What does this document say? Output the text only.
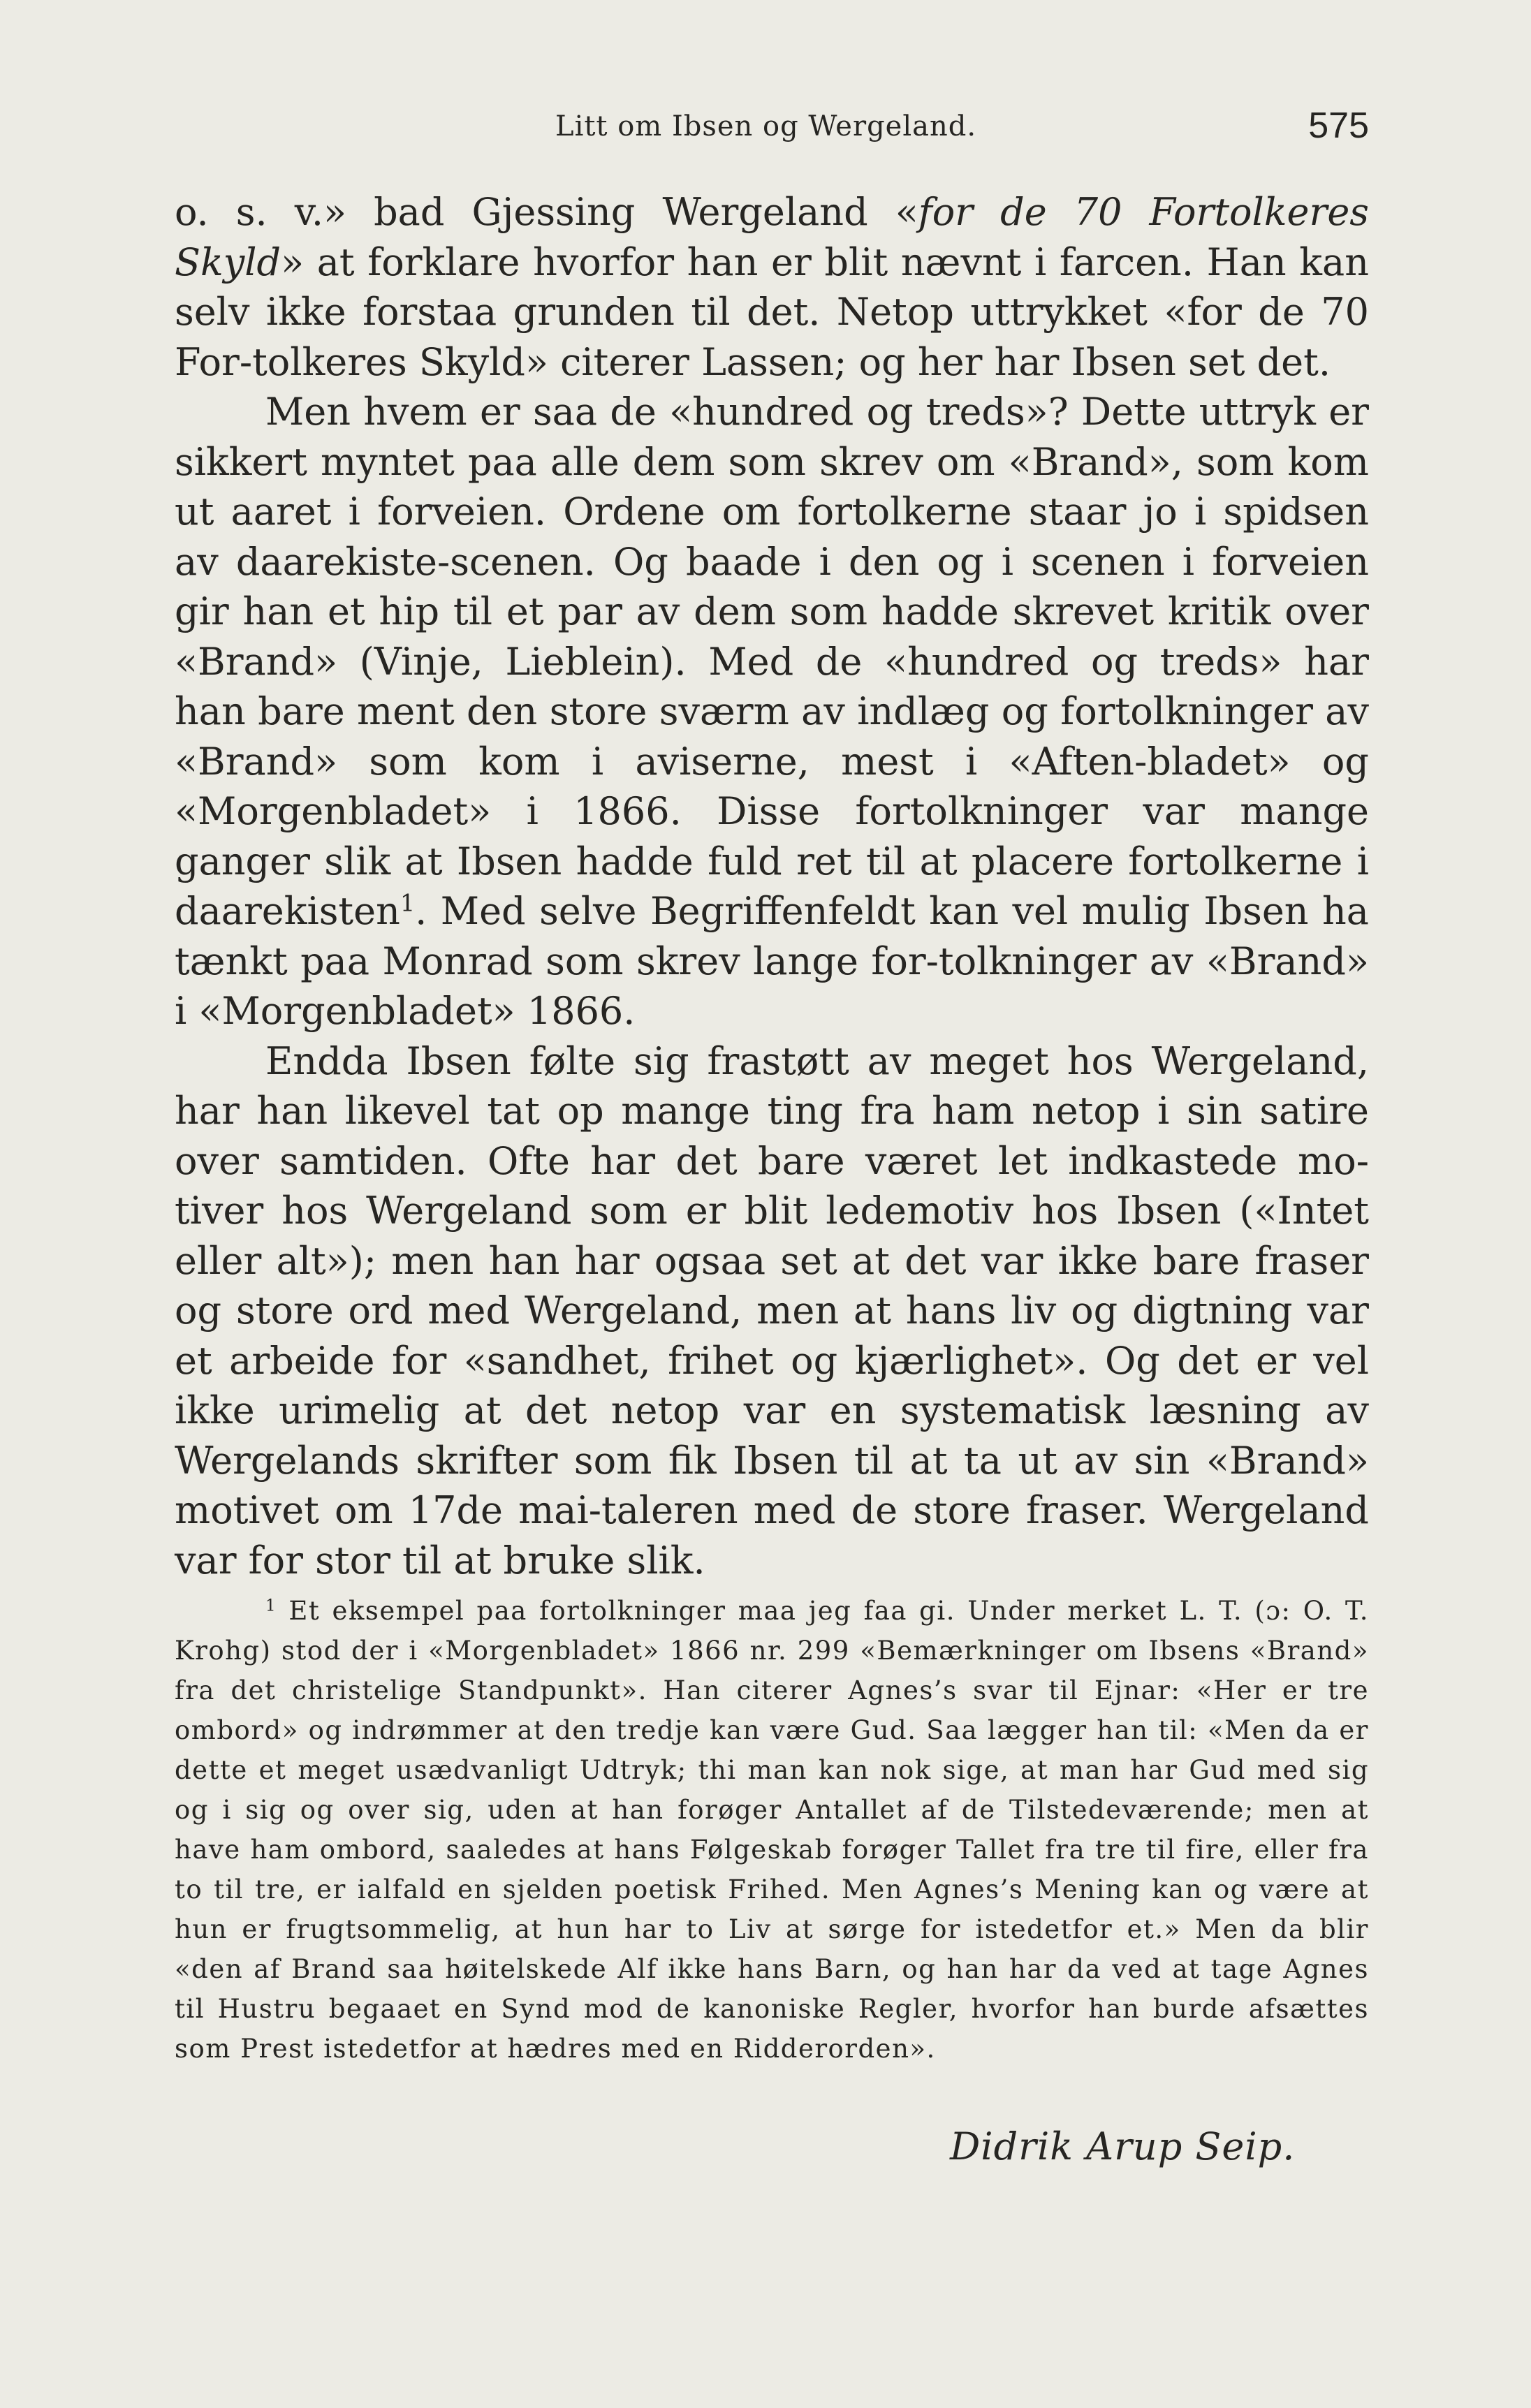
Litt om Ibsen og Wergeland.	575

o. s. v.» bad Gjessing Wergeland «for de 70 Fortolkeres Skyld» at forklare hvorfor han er blit nævnt i farcen. Han kan selv ikke forstaa grunden til det. Netop uttrykket «for de 70 For-tolkeres Skyld» citerer Lassen; og her har Ibsen set det.

Men hvem er saa de «hundred og treds»? Dette uttryk er sikkert myntet paa alle dem som skrev om «Brand», som kom ut aaret i forveien. Ordene om fortolkerne staar jo i spidsen av daarekiste-scenen. Og baade i den og i scenen i forveien gir han et hip til et par av dem som hadde skrevet kritik over «Brand» (Vinje, Lieblein). Med de «hundred og treds» har han bare ment den store sværm av indlæg og fortolkninger av «Brand» som kom i aviserne, mest i «Aften-bladet» og «Morgenbladet» i 1866. Disse fortolkninger var mange ganger slik at Ibsen hadde fuld ret til at placere fortolkerne i daarekisten$^1$. Med selve Begriffenfeldt kan vel mulig Ibsen ha tænkt paa Monrad som skrev lange for-tolkninger av «Brand» i «Morgenbladet» 1866.

Endda Ibsen følte sig frastøtt av meget hos Wergeland, har han likevel tat op mange ting fra ham netop i sin satire over samtiden. Ofte har det bare været let indkastede mo-tiver hos Wergeland som er blit ledemotiv hos Ibsen («Intet eller alt»); men han har ogsaa set at det var ikke bare fraser og store ord med Wergeland, men at hans liv og digtning var et arbeide for «sandhet, frihet og kjærlighet». Og det er vel ikke urimelig at det netop var en systematisk læsning av Wergelands skrifter som fik Ibsen til at ta ut av sin «Brand» motivet om 17de mai-taleren med de store fraser. Wergeland var for stor til at bruke slik.

$^1$ Et eksempel paa fortolkninger maa jeg faa gi. Under merket L. T. (ɔ: O. T. Krohg) stod der i «Morgenbladet» 1866 nr. 299 «Bemærkninger om Ibsens «Brand» fra det christelige Standpunkt». Han citerer Agnes’s svar til Ejnar: «Her er tre ombord» og indrømmer at den tredje kan være Gud. Saa lægger han til: «Men da er dette et meget usædvanligt Udtryk; thi man kan nok sige, at man har Gud med sig og i sig og over sig, uden at han forøger Antallet af de Tilstedeværende; men at have ham ombord, saaledes at hans Følgeskab forøger Tallet fra tre til fire, eller fra to til tre, er ialfald en sjelden poetisk Frihed. Men Agnes’s Mening kan og være at hun er frugtsommelig, at hun har to Liv at sørge for istedetfor et.» Men da blir «den af Brand saa høitelskede Alf ikke hans Barn, og han har da ved at tage Agnes til Hustru begaaet en Synd mod de kanoniske Regler, hvorfor han burde afsættes som Prest istedetfor at hædres med en Ridderorden».

Didrik Arup Seip.
